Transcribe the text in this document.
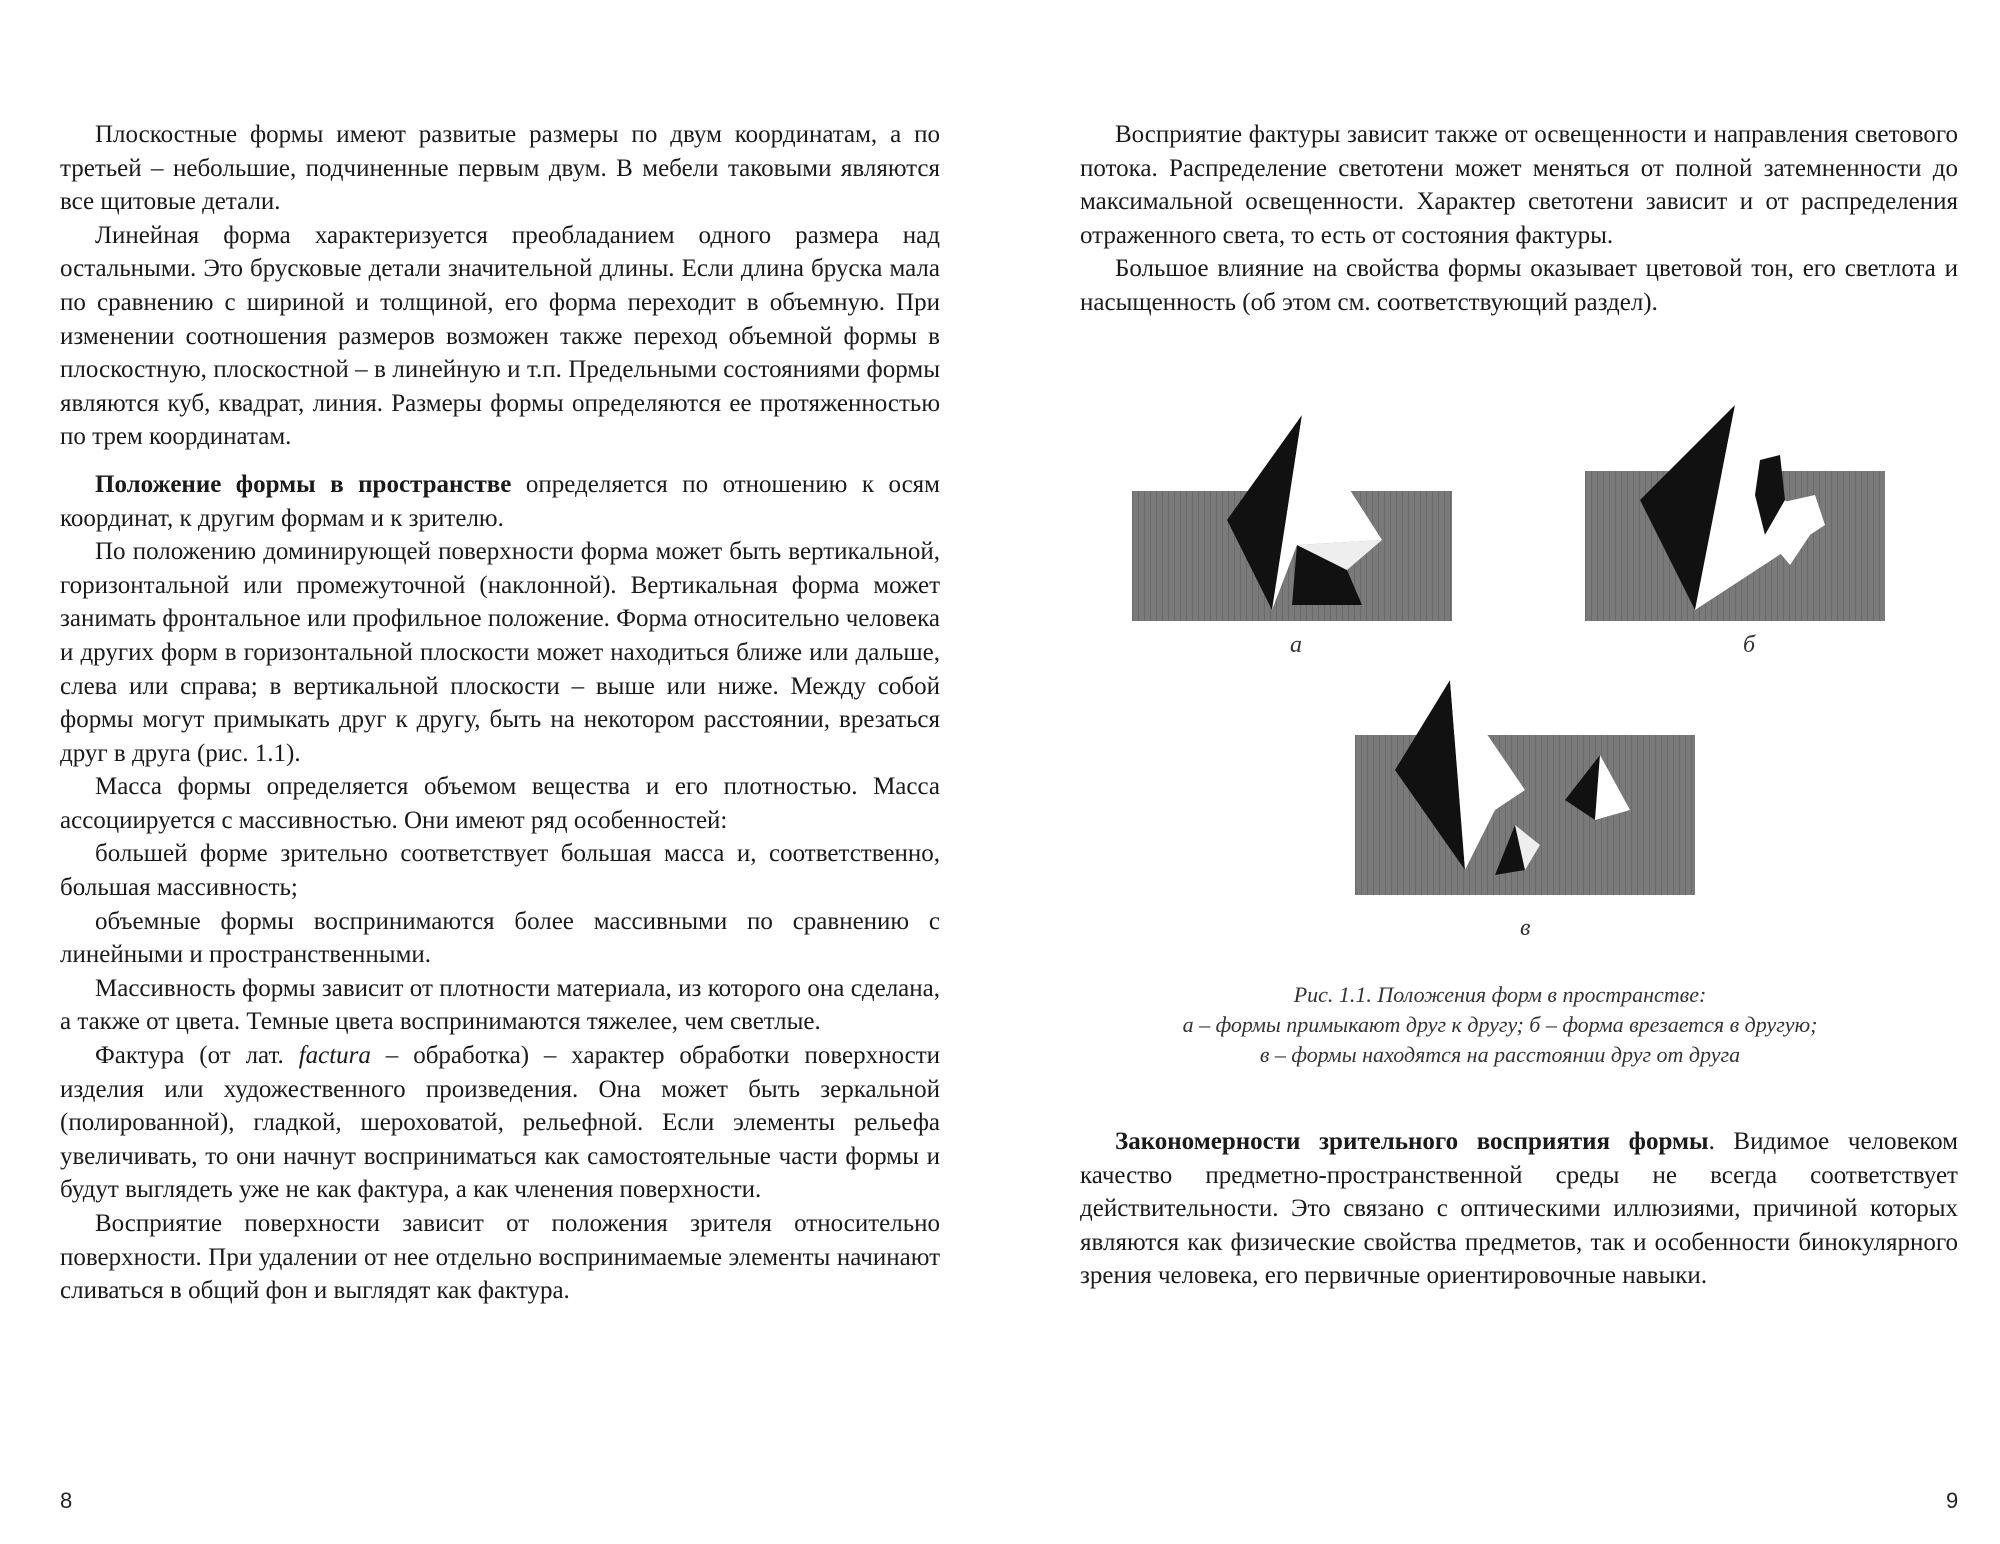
Плоскостные формы имеют развитые размеры по двум координатам, а по третьей – небольшие, подчиненные первым двум. В мебели таковыми являются все щитовые детали.

Линейная форма характеризуется преобладанием одного размера над остальными. Это брусковые детали значительной длины. Если длина бруска мала по сравнению с шириной и толщиной, его форма переходит в объемную. При изменении соотношения размеров возможен также переход объемной формы в плоскостную, плоскостной – в линейную и т.п. Предельными состояниями формы являются куб, квадрат, линия. Размеры формы определяются ее протяженностью по трем координатам.

Положение формы в пространстве определяется по отношению к осям координат, к другим формам и к зрителю.

По положению доминирующей поверхности форма может быть вертикальной, горизонтальной или промежуточной (наклонной). Вертикальная форма может занимать фронтальное или профильное положение. Форма относительно человека и других форм в горизонтальной плоскости может находиться ближе или дальше, слева или справа; в вертикальной плоскости – выше или ниже. Между собой формы могут примыкать друг к другу, быть на некотором расстоянии, врезаться друг в друга (рис. 1.1).

Масса формы определяется объемом вещества и его плотностью. Масса ассоциируется с массивностью. Они имеют ряд особенностей:

большей форме зрительно соответствует большая масса и, соответственно, большая массивность;

объемные формы воспринимаются более массивными по сравнению с линейными и пространственными.

Массивность формы зависит от плотности материала, из которого она сделана, а также от цвета. Темные цвета воспринимаются тяжелее, чем светлые.

Фактура (от лат. factura – обработка) – характер обработки поверхности изделия или художественного произведения. Она может быть зеркальной (полированной), гладкой, шероховатой, рельефной. Если элементы рельефа увеличивать, то они начнут восприниматься как самостоятельные части формы и будут выглядеть уже не как фактура, а как членения поверхности.

Восприятие поверхности зависит от положения зрителя относительно поверхности. При удалении от нее отдельно воспринимаемые элементы начинают сливаться в общий фон и выглядят как фактура.

8

Восприятие фактуры зависит также от освещенности и направления светового потока. Распределение светотени может меняться от полной затемненности до максимальной освещенности. Характер светотени зависит и от распределения отраженного света, то есть от состояния фактуры.

Большое влияние на свойства формы оказывает цветовой тон, его светлота и насыщенность (об этом см. соответствующий раздел).

а	б
в
Рис. 1.1. Положения форм в пространстве:
а – формы примыкают друг к другу; б – форма врезается в другую;
в – формы находятся на расстоянии друг от друга

Закономерности зрительного восприятия формы. Видимое человеком качество предметно-пространственной среды не всегда соответствует действительности. Это связано с оптическими иллюзиями, причиной которых являются как физические свойства предметов, так и особенности бинокулярного зрения человека, его первичные ориентировочные навыки.

9
